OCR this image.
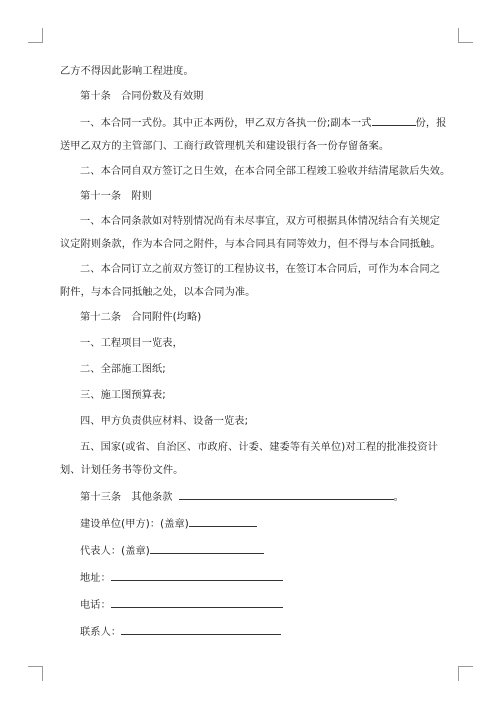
乙方不得因此影响工程进度。
第十条　合同份数及有效期
一、本合同一式份。其中正本两份，甲乙双方各执一份;副本一式	份，报
送甲乙双方的主管部门、工商行政管理机关和建设银行各一份存留备案。
二、本合同自双方签订之日生效，在本合同全部工程竣工验收并结清尾款后失效。
第十一条　附则
一、本合同条款如对特别情况尚有未尽事宜，双方可根据具体情况结合有关规定
议定附则条款，作为本合同之附件，与本合同具有同等效力，但不得与本合同抵触。
二、本合同订立之前双方签订的工程协议书，在签订本合同后，可作为本合同之
附件，与本合同抵触之处，以本合同为准。
第十二条　合同附件(均略)
一、工程项目一览表，
二、全部施工图纸;
三、施工图预算表;
四、甲方负责供应材料、设备一览表;
五、国家(或省、自治区、市政府、计委、建委等有关单位)对工程的批准投资计
划、计划任务书等份文件。
第十三条　其他条款	。
建设单位(甲方)：(盖章)
代表人：(盖章)
地址：
电话：
联系人：
